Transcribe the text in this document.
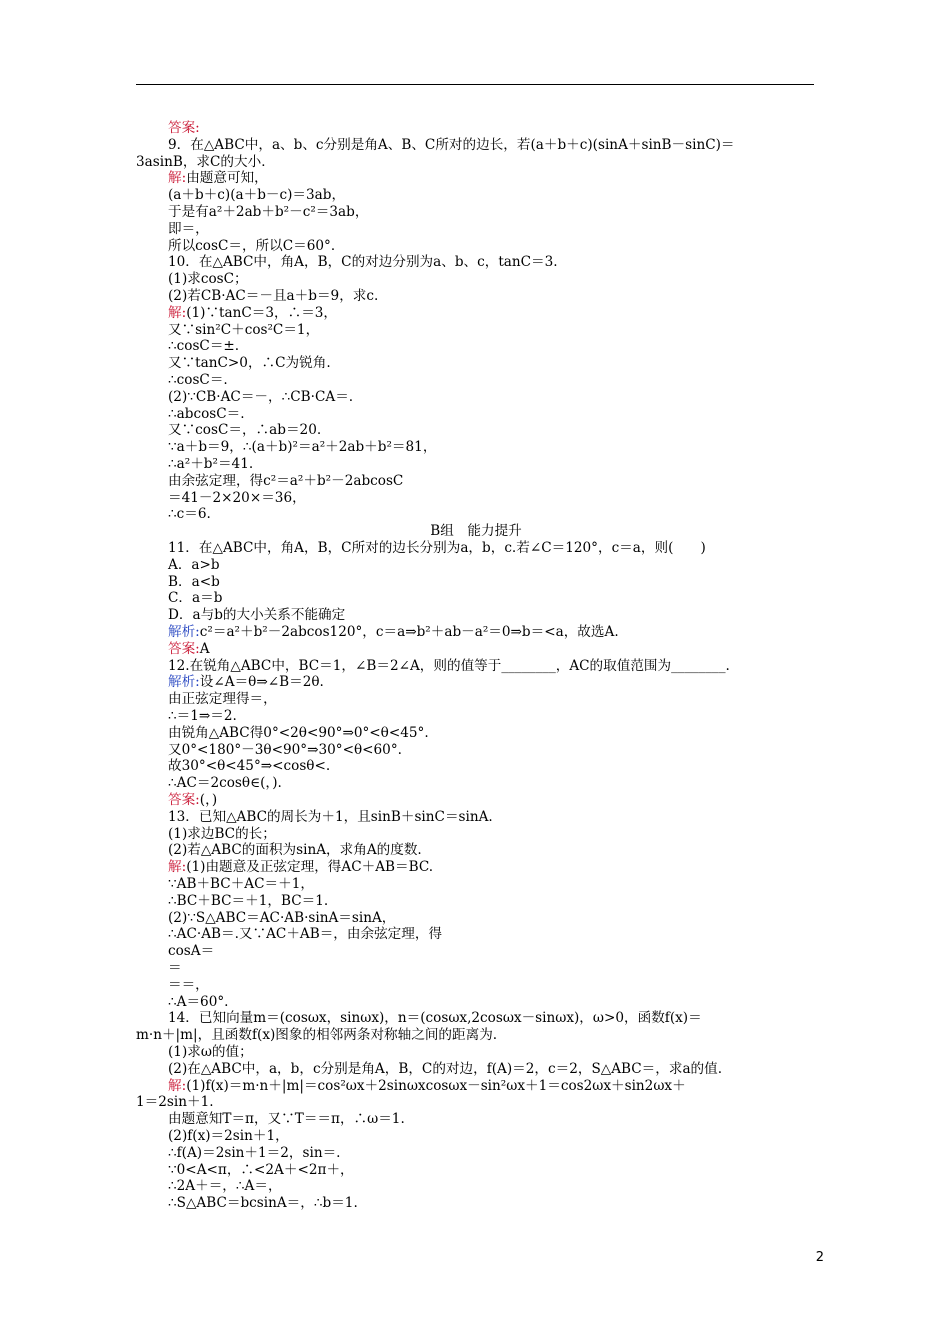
答案:
9．在△ABC中，a、b、c分别是角A、B、C所对的边长，若(a＋b＋c)(sinA＋sinB－sinC)＝
3asinB，求C的大小．
解:由题意可知，
(a＋b＋c)(a＋b－c)＝3ab，
于是有a²＋2ab＋b²－c²＝3ab，
即＝，
所以cosC＝，所以C＝60°．
10．在△ABC中，角A，B，C的对边分别为a、b、c，tanC＝3.
(1)求cosC；
(2)若CB·AC＝－且a＋b＝9，求c.
解:(1)∵tanC＝3，∴＝3，
又∵sin²C＋cos²C＝1，
∴cosC＝±.
又∵tanC>0，∴C为锐角.
∴cosC＝.
(2)∵CB·AC＝－，∴CB·CA＝.
∴abcosC＝.
又∵cosC＝，∴ab＝20.
∵a＋b＝9，∴(a＋b)²＝a²＋2ab＋b²＝81，
∴a²＋b²＝41.
由余弦定理，得c²＝a²＋b²－2abcosC
＝41－2×20×＝36，
∴c＝6.
B组　能力提升
11．在△ABC中，角A，B，C所对的边长分别为a，b，c.若∠C＝120°，c＝a，则(　　)
A．a>b
B．a<b
C．a＝b
D．a与b的大小关系不能确定
解析:c²＝a²＋b²－2abcos120°，c＝a⇒b²＋ab－a²＝0⇒b＝<a，故选A.
答案:A
12.在锐角△ABC中，BC＝1，∠B＝2∠A，则的值等于________，AC的取值范围为________.
解析:设∠A＝θ⇒∠B＝2θ.
由正弦定理得＝，
∴＝1⇒＝2.
由锐角△ABC得0°<2θ<90°⇒0°<θ<45°.
又0°<180°－3θ<90°⇒30°<θ<60°.
故30°<θ<45°⇒<cosθ<.
∴AC＝2cosθ∈(，).
答案:(，)
13．已知△ABC的周长为＋1，且sinB＋sinC＝sinA.
(1)求边BC的长；
(2)若△ABC的面积为sinA，求角A的度数.
解:(1)由题意及正弦定理，得AC＋AB＝BC.
∵AB＋BC＋AC＝＋1，
∴BC＋BC＝＋1，BC＝1.
(2)∵S△ABC＝AC·AB·sinA＝sinA，
∴AC·AB＝.又∵AC＋AB＝，由余弦定理，得
cosA＝
＝
＝＝，
∴A＝60°.
14．已知向量m＝(cosωx，sinωx)，n＝(cosωx,2cosωx－sinωx)，ω>0，函数f(x)＝
m·n＋|m|，且函数f(x)图象的相邻两条对称轴之间的距离为.
(1)求ω的值；
(2)在△ABC中，a，b，c分别是角A，B，C的对边，f(A)＝2，c＝2，S△ABC＝，求a的值.
解:(1)f(x)＝m·n＋|m|＝cos²ωx＋2sinωxcosωx－sin²ωx＋1＝cos2ωx＋sin2ωx＋
1＝2sin＋1.
由题意知T＝π，又∵T＝＝π，∴ω＝1.
(2)f(x)＝2sin＋1，
∴f(A)＝2sin＋1＝2，sin＝.
∵0<A<π，∴<2A＋<2π＋，
∴2A＋＝，∴A＝，
∴S△ABC＝bcsinA＝，∴b＝1.
2
